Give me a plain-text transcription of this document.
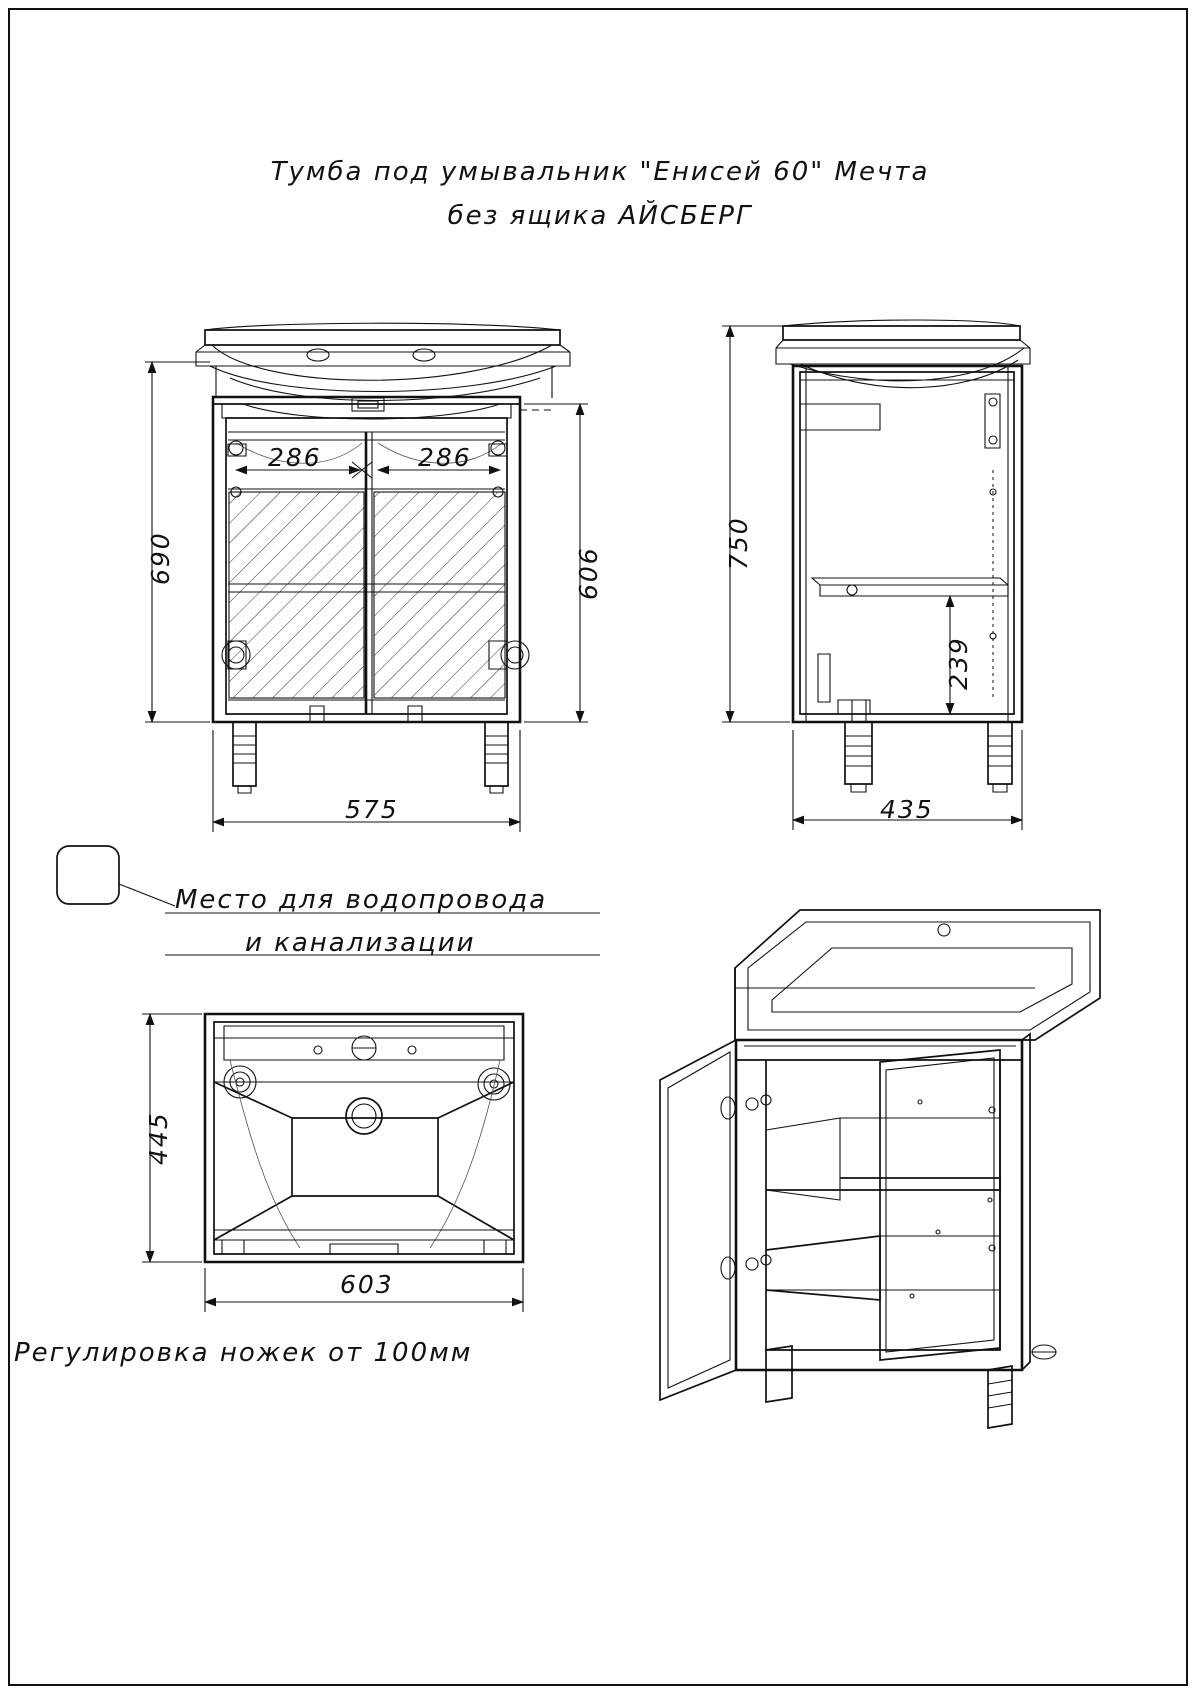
Тумба под умывальник "Енисей 60" Мечта
без ящика АЙСБЕРГ
690	606
575
286	286
750
239
435
445
603
Место для водопровода
и канализации
Регулировка ножек от 100мм
